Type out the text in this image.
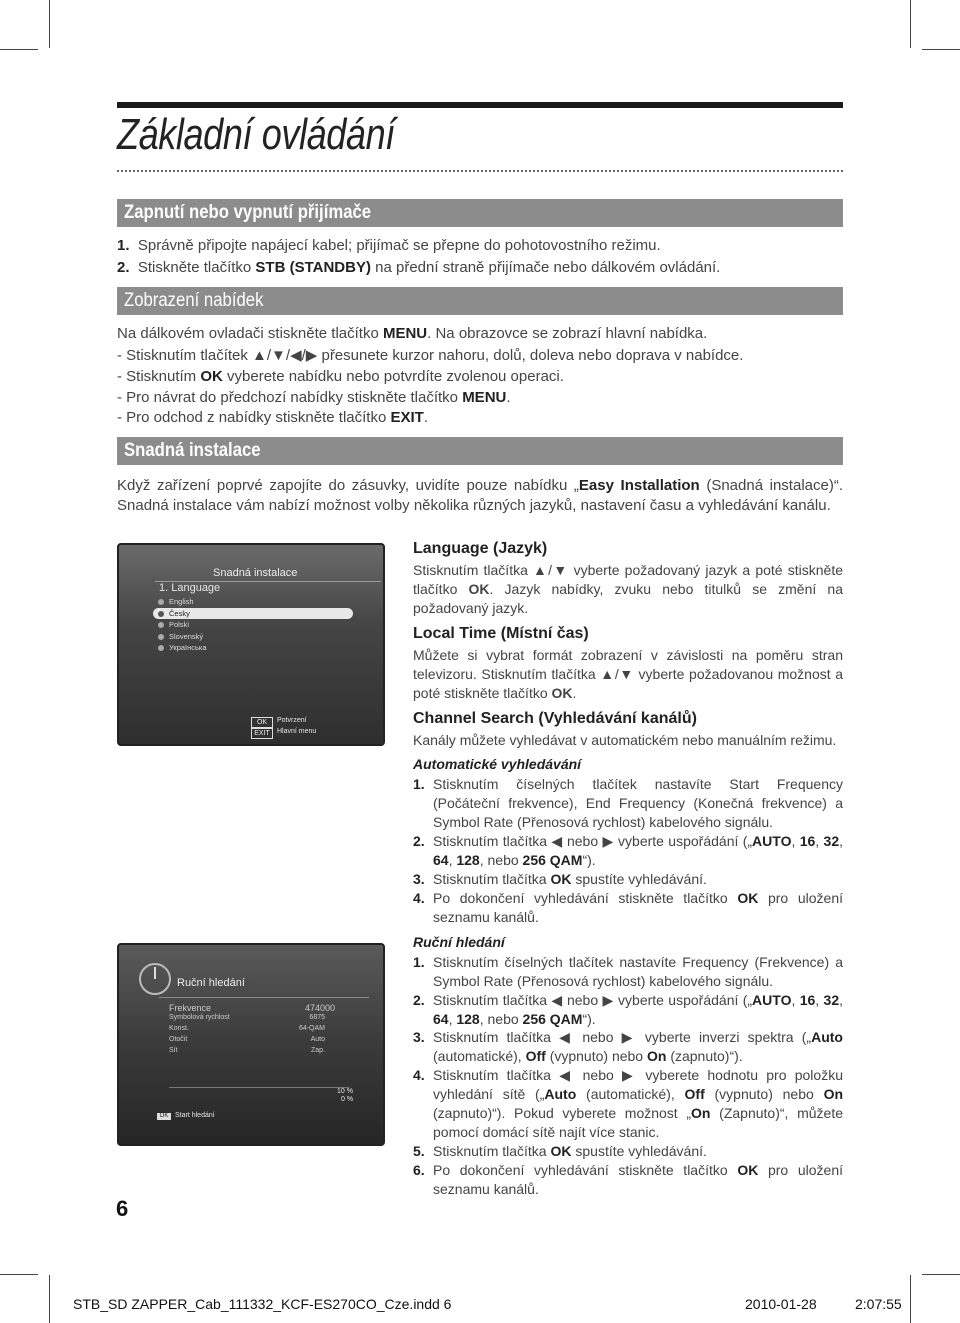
Základní ovládání
Zapnutí nebo vypnutí přijímače
1. Správně připojte napájecí kabel; přijímač se přepne do pohotovostního režimu.
2. Stiskněte tlačítko STB (STANDBY) na přední straně přijímače nebo dálkovém ovládání.
Zobrazení nabídek
Na dálkovém ovladači stiskněte tlačítko MENU. Na obrazovce se zobrazí hlavní nabídka.
- Stisknutím tlačítek ▲/▼/◀/▶ přesunete kurzor nahoru, dolů, doleva nebo doprava v nabídce.
- Stisknutím OK vyberete nabídku nebo potvrdíte zvolenou operaci.
- Pro návrat do předchozí nabídky stiskněte tlačítko MENU.
- Pro odchod z nabídky stiskněte tlačítko EXIT.
Snadná instalace
Když zařízení poprvé zapojíte do zásuvky, uvidíte pouze nabídku „Easy Installation (Snadná instalace)“. Snadná instalace vám nabízí možnost volby několika různých jazyků, nastavení času a vyhledávání kanálu.
Snadná instalace
1. Language
English
Česky
Polski
Slovenský
Українська
OK	Potvrzení
EXIT	Hlavní menu
Ruční hledání
Frekvence	474000
Symbolová rychlost	6875
Konst.	64-QAM
Otočit	Auto
Sít	Zap.
10 %
0 %
OK Start hledání
Language (Jazyk)
Stisknutím tlačítka ▲/▼ vyberte požadovaný jazyk a poté stiskněte tlačítko OK. Jazyk nabídky, zvuku nebo titulků se změní na požadovaný jazyk.
Local Time (Místní čas)
Můžete si vybrat formát zobrazení v závislosti na poměru stran televizoru. Stisknutím tlačítka ▲/▼ vyberte požadovanou možnost a poté stiskněte tlačítko OK.
Channel Search (Vyhledávání kanálů)
Kanály můžete vyhledávat v automatickém nebo manuálním režimu.
Automatické vyhledávání
1. Stisknutím číselných tlačítek nastavíte Start Frequency (Počáteční frekvence), End Frequency (Konečná frekvence) a Symbol Rate (Přenosová rychlost) kabelového signálu.
2. Stisknutím tlačítka ◀ nebo ▶ vyberte uspořádání („AUTO, 16, 32, 64, 128, nebo 256 QAM“).
3. Stisknutím tlačítka OK spustíte vyhledávání.
4. Po dokončení vyhledávání stiskněte tlačítko OK pro uložení seznamu kanálů.
Ruční hledání
1. Stisknutím číselných tlačítek nastavíte Frequency (Frekvence) a Symbol Rate (Přenosová rychlost) kabelového signálu.
2. Stisknutím tlačítka ◀ nebo ▶ vyberte uspořádání („AUTO, 16, 32, 64, 128, nebo 256 QAM“).
3. Stisknutím tlačítka ◀ nebo ▶ vyberte inverzi spektra („Auto (automatické), Off (vypnuto) nebo On (zapnuto)“).
4. Stisknutím tlačítka ◀ nebo ▶ vyberete hodnotu pro položku vyhledání sítě („Auto (automatické), Off (vypnuto) nebo On (zapnuto)“). Pokud vyberete možnost „On (Zapnuto)“, můžete pomocí domácí sítě najít více stanic.
5. Stisknutím tlačítka OK spustíte vyhledávání.
6. Po dokončení vyhledávání stiskněte tlačítko OK pro uložení seznamu kanálů.
6
STB_SD ZAPPER_Cab_111332_KCF-ES270CO_Cze.indd 6	2010-01-28	2:07:55
